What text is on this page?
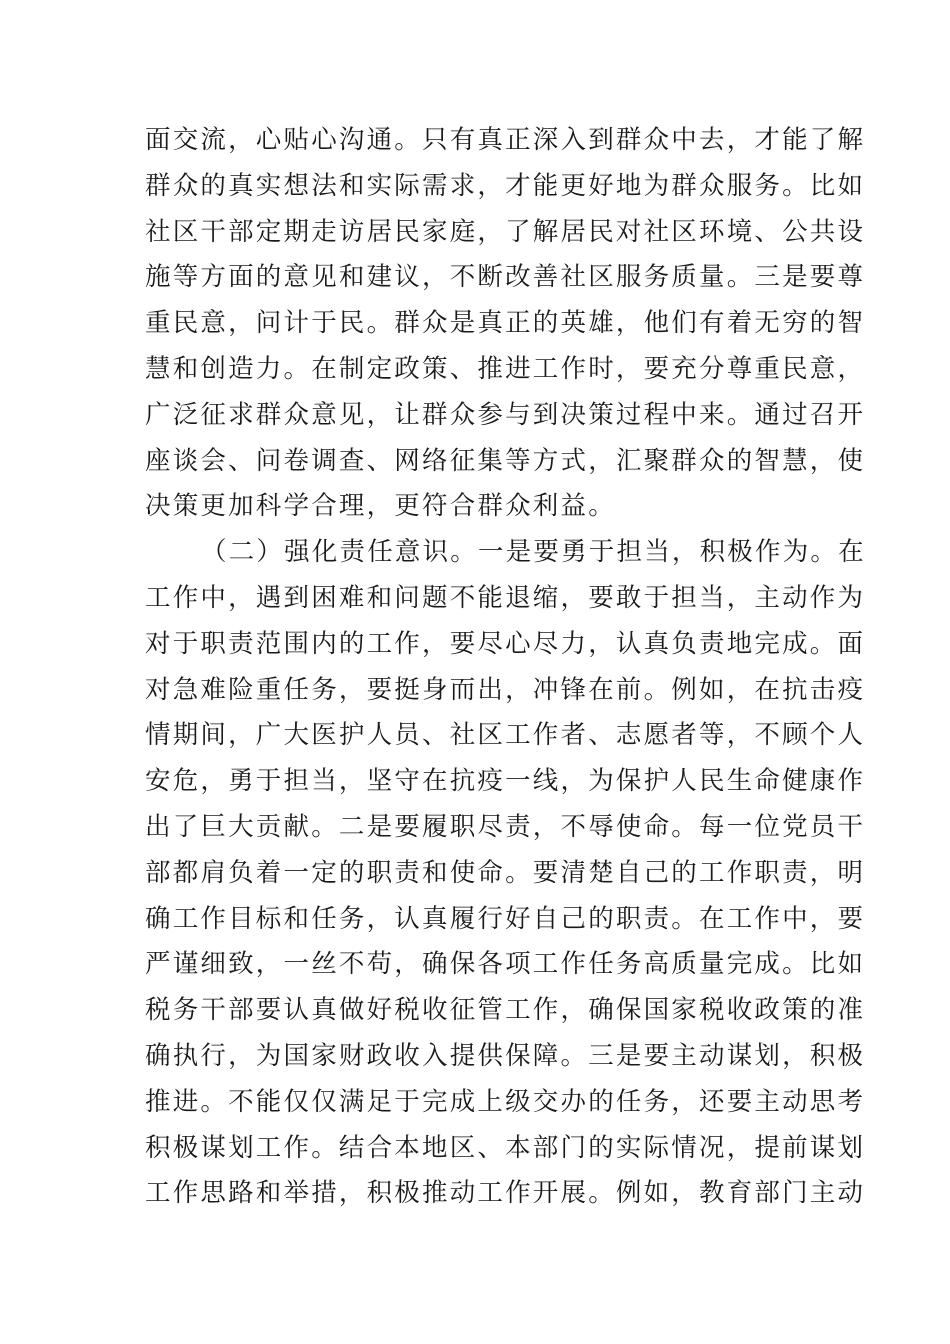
面交流，心贴心沟通。只有真正深入到群众中去，才能了解
群众的真实想法和实际需求，才能更好地为群众服务。比如
社区干部定期走访居民家庭，了解居民对社区环境、公共设
施等方面的意见和建议，不断改善社区服务质量。三是要尊
重民意，问计于民。群众是真正的英雄，他们有着无穷的智
慧和创造力。在制定政策、推进工作时，要充分尊重民意，
广泛征求群众意见，让群众参与到决策过程中来。通过召开
座谈会、问卷调查、网络征集等方式，汇聚群众的智慧，使
决策更加科学合理，更符合群众利益。
（二）强化责任意识。一是要勇于担当，积极作为。在
工作中，遇到困难和问题不能退缩，要敢于担当，主动作为
对于职责范围内的工作，要尽心尽力，认真负责地完成。面
对急难险重任务，要挺身而出，冲锋在前。例如，在抗击疫
情期间，广大医护人员、社区工作者、志愿者等，不顾个人
安危，勇于担当，坚守在抗疫一线，为保护人民生命健康作
出了巨大贡献。二是要履职尽责，不辱使命。每一位党员干
部都肩负着一定的职责和使命。要清楚自己的工作职责，明
确工作目标和任务，认真履行好自己的职责。在工作中，要
严谨细致，一丝不苟，确保各项工作任务高质量完成。比如
税务干部要认真做好税收征管工作，确保国家税收政策的准
确执行，为国家财政收入提供保障。三是要主动谋划，积极
推进。不能仅仅满足于完成上级交办的任务，还要主动思考
积极谋划工作。结合本地区、本部门的实际情况，提前谋划
工作思路和举措，积极推动工作开展。例如，教育部门主动
